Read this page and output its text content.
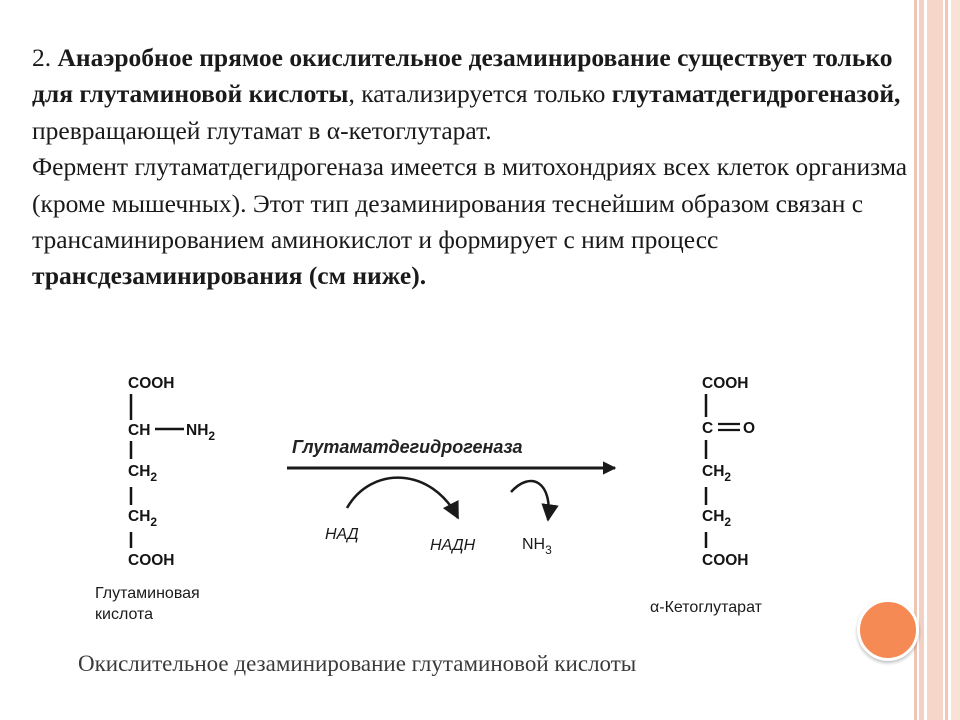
2. Анаэробное прямое окислительное дезаминирование существует только для глутаминовой кислоты, катализируется только глутаматдегидрогеназой, превращающей глутамат в α-кетоглутарат.

Фермент глутаматдегидрогеназа имеется в митохондриях всех клеток организма (кроме мышечных). Этот тип дезаминирования теснейшим образом связан с трансаминированием аминокислот и формирует с ним процесс трансдезаминирования (см ниже).

COOH
CH $NH_2$
$CH_2$
$CH_2$
COOH
Глутаминовая
кислота
Глутаматдегидрогеназа
НАД
НАДН	$NH_3$
COOH
C O
$CH_2$
$CH_2$
COOH
α-Кетоглутарат
Окислительное дезаминирование глутаминовой кислоты
